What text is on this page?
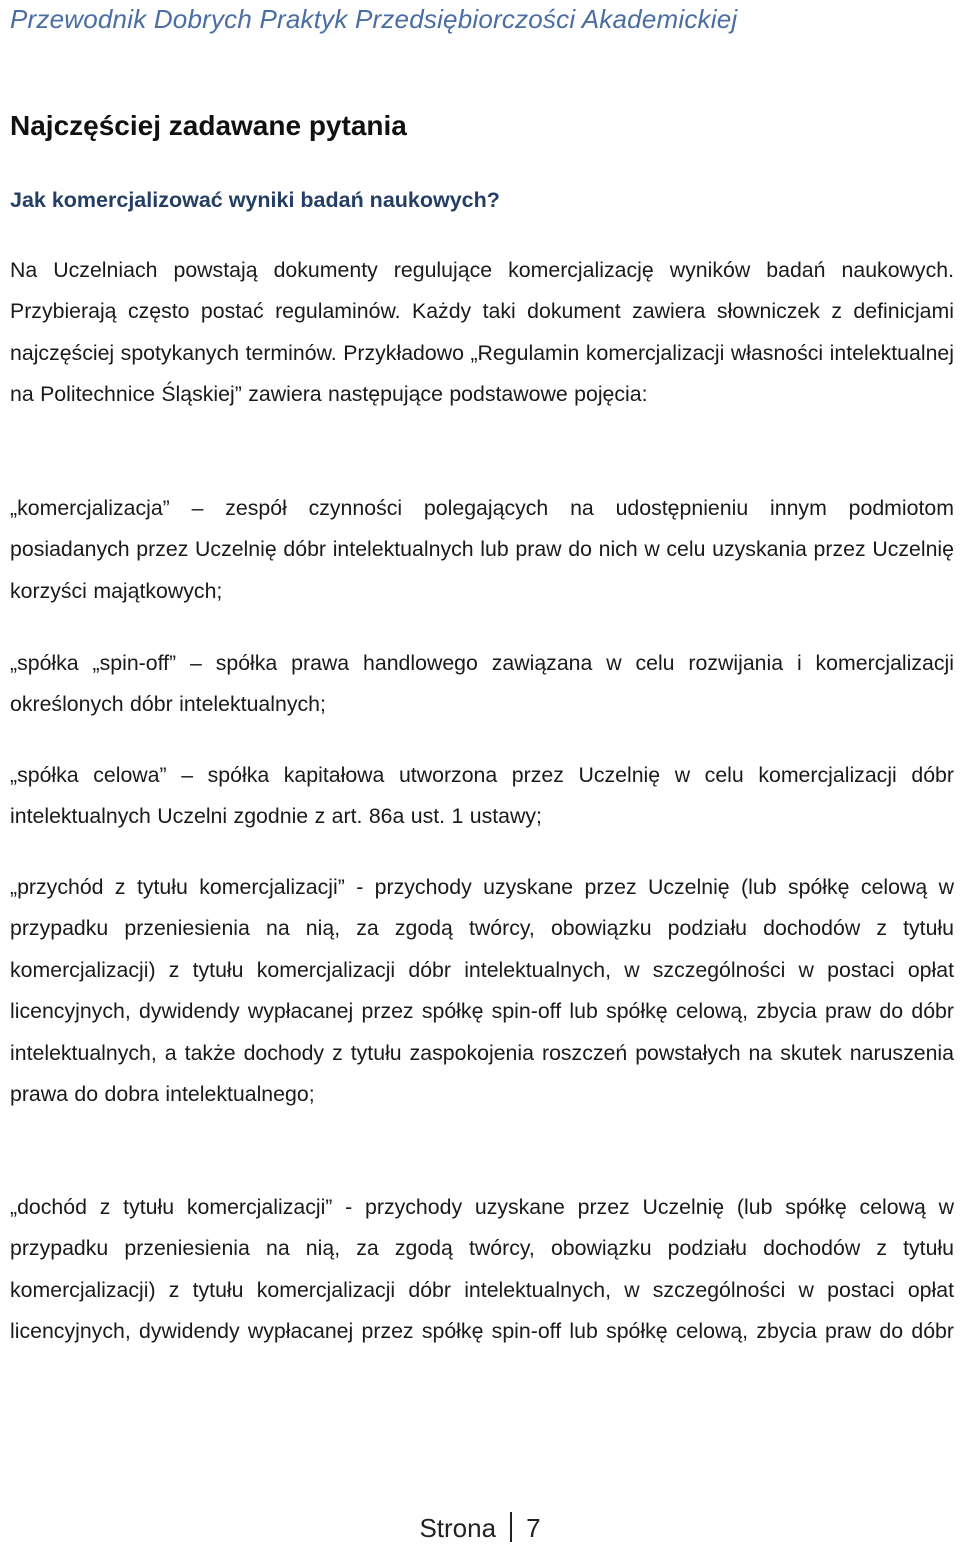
Przewodnik Dobrych Praktyk Przedsiębiorczości Akademickiej
Najczęściej zadawane pytania
Jak komercjalizować wyniki badań naukowych?

Na Uczelniach powstają dokumenty regulujące komercjalizację wyników badań naukowych. Przybierają często postać regulaminów. Każdy taki dokument zawiera słowniczek z definicjami najczęściej spotykanych terminów. Przykładowo „Regulamin komercjalizacji własności intelektualnej na Politechnice Śląskiej” zawiera następujące podstawowe pojęcia:

„komercjalizacja” – zespół czynności polegających na udostępnieniu innym podmiotom posiadanych przez Uczelnię dóbr intelektualnych lub praw do nich w celu uzyskania przez Uczelnię korzyści majątkowych;

„spółka „spin-off” – spółka prawa handlowego zawiązana w celu rozwijania i komercjalizacji określonych dóbr intelektualnych;

„spółka celowa” – spółka kapitałowa utworzona przez Uczelnię w celu komercjalizacji dóbr intelektualnych Uczelni zgodnie z art. 86a ust. 1 ustawy;

„przychód z tytułu komercjalizacji” - przychody uzyskane przez Uczelnię (lub spółkę celową w przypadku przeniesienia na nią, za zgodą twórcy, obowiązku podziału dochodów z tytułu komercjalizacji) z tytułu komercjalizacji dóbr intelektualnych, w szczególności w postaci opłat licencyjnych, dywidendy wypłacanej przez spółkę spin-off lub spółkę celową, zbycia praw do dóbr intelektualnych, a także dochody z tytułu zaspokojenia roszczeń powstałych na skutek naruszenia prawa do dobra intelektualnego;

„dochód z tytułu komercjalizacji” - przychody uzyskane przez Uczelnię (lub spółkę celową w przypadku przeniesienia na nią, za zgodą twórcy, obowiązku podziału dochodów z tytułu komercjalizacji) z tytułu komercjalizacji dóbr intelektualnych, w szczególności w postaci opłat licencyjnych, dywidendy wypłacanej przez spółkę spin-off lub spółkę celową, zbycia praw do dóbr

Strona 7
